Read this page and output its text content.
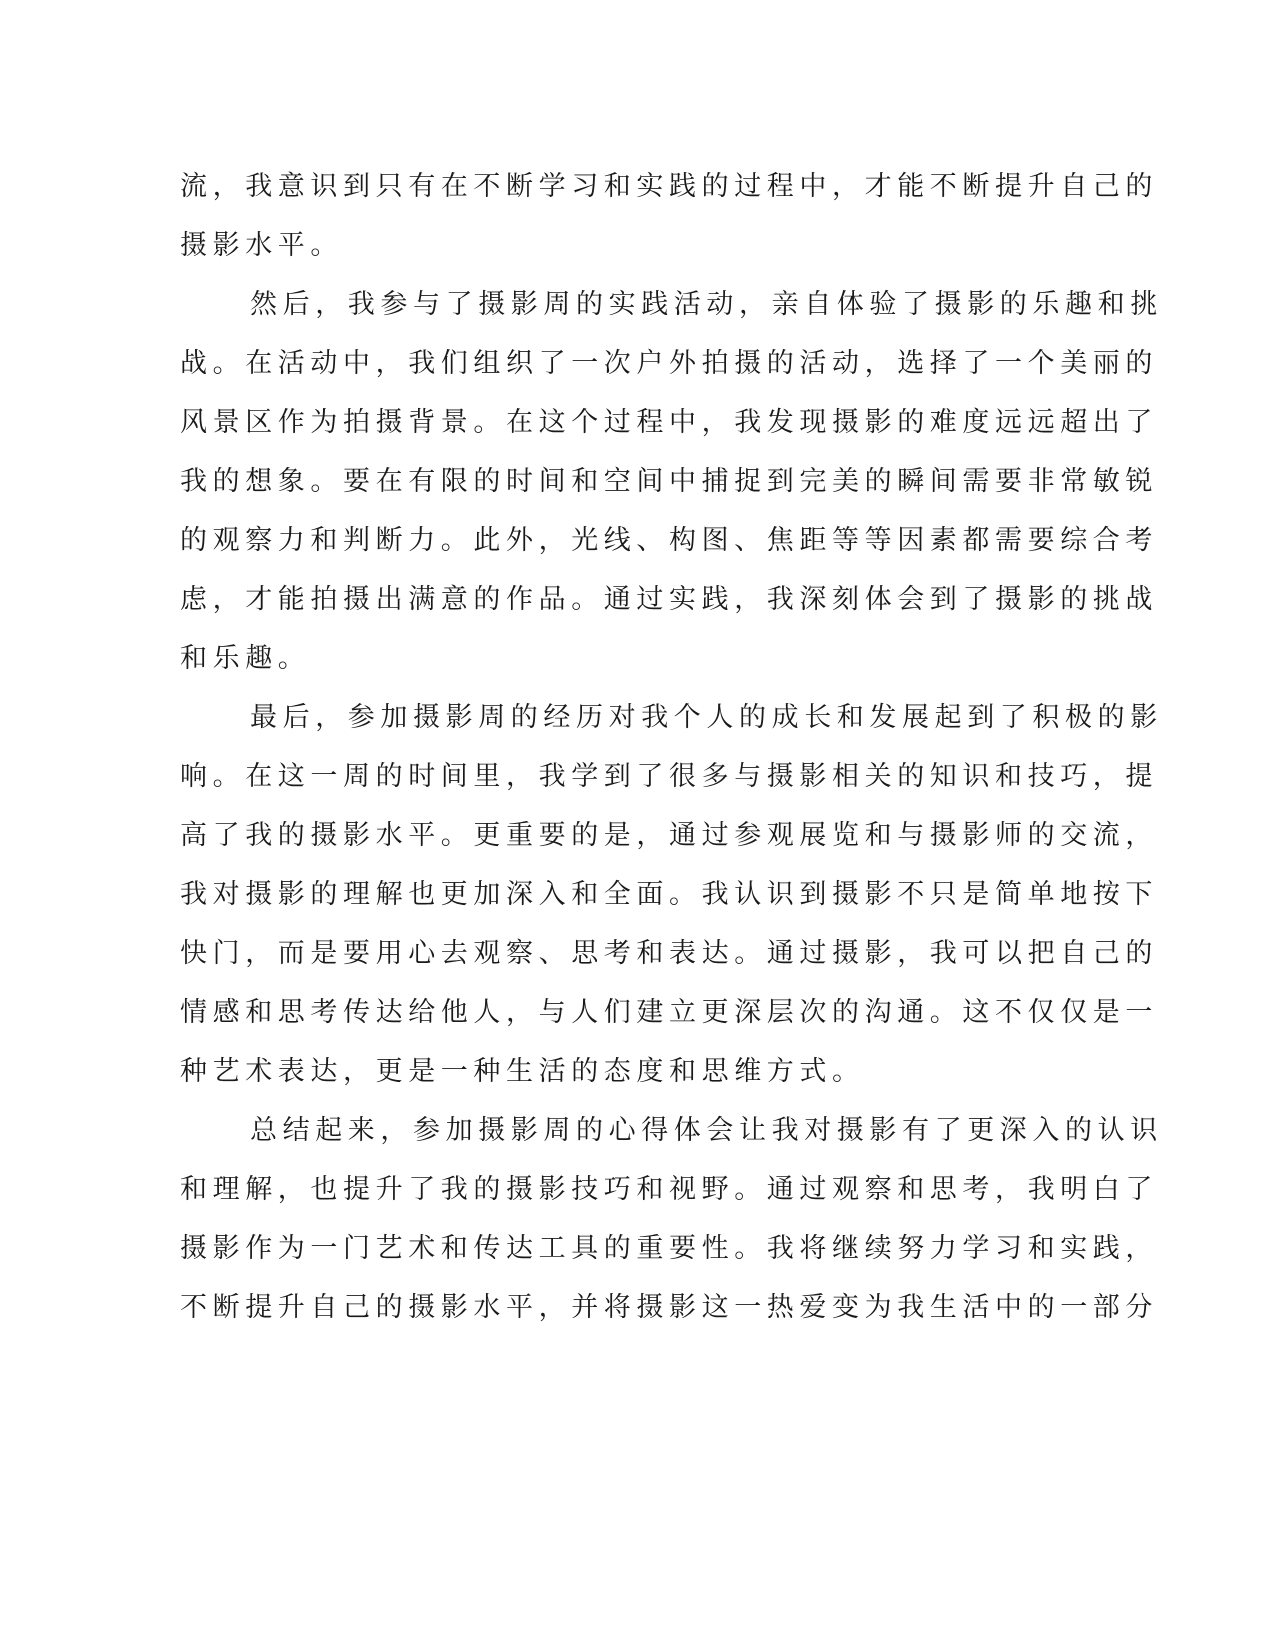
流，我意识到只有在不断学习和实践的过程中，才能不断提升自己的
摄影水平。
然后，我参与了摄影周的实践活动，亲自体验了摄影的乐趣和挑
战。在活动中，我们组织了一次户外拍摄的活动，选择了一个美丽的
风景区作为拍摄背景。在这个过程中，我发现摄影的难度远远超出了
我的想象。要在有限的时间和空间中捕捉到完美的瞬间需要非常敏锐
的观察力和判断力。此外，光线、构图、焦距等等因素都需要综合考
虑，才能拍摄出满意的作品。通过实践，我深刻体会到了摄影的挑战
和乐趣。
最后，参加摄影周的经历对我个人的成长和发展起到了积极的影
响。在这一周的时间里，我学到了很多与摄影相关的知识和技巧，提
高了我的摄影水平。更重要的是，通过参观展览和与摄影师的交流，
我对摄影的理解也更加深入和全面。我认识到摄影不只是简单地按下
快门，而是要用心去观察、思考和表达。通过摄影，我可以把自己的
情感和思考传达给他人，与人们建立更深层次的沟通。这不仅仅是一
种艺术表达，更是一种生活的态度和思维方式。
总结起来，参加摄影周的心得体会让我对摄影有了更深入的认识
和理解，也提升了我的摄影技巧和视野。通过观察和思考，我明白了
摄影作为一门艺术和传达工具的重要性。我将继续努力学习和实践，
不断提升自己的摄影水平，并将摄影这一热爱变为我生活中的一部分
